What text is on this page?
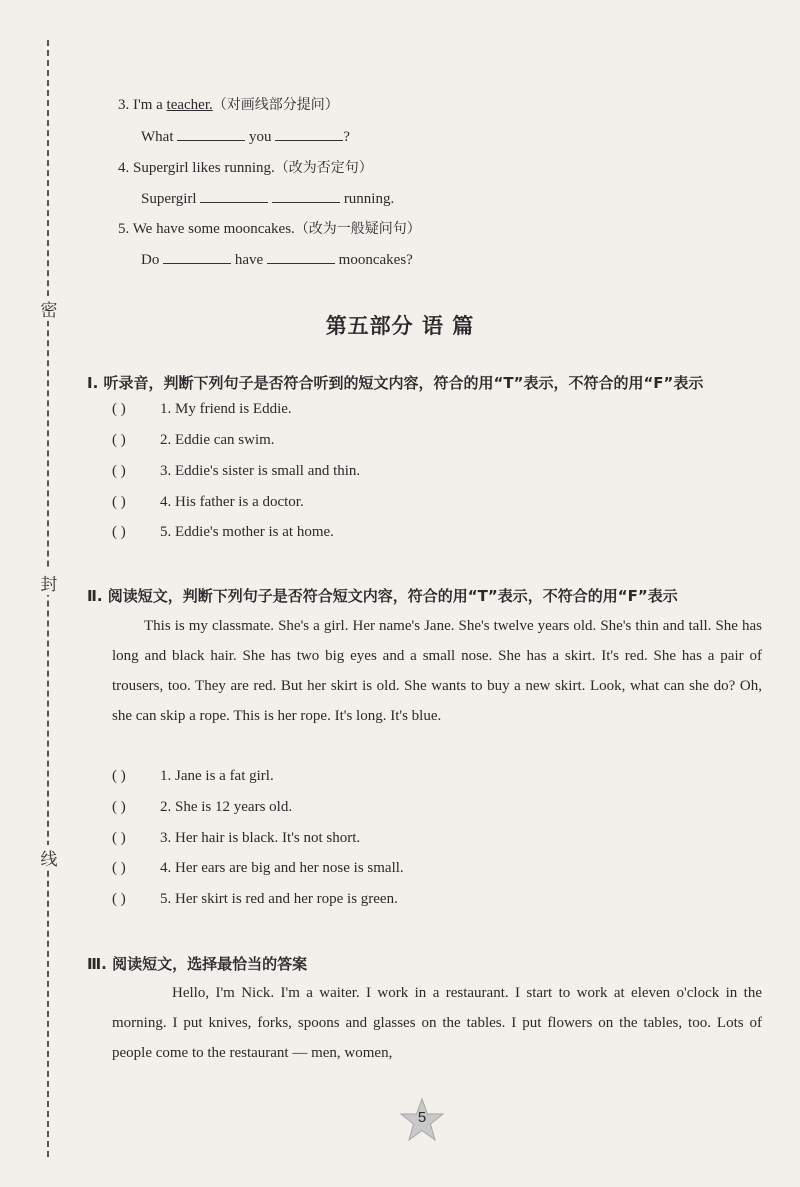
密
封
线
3. I'm a teacher.（对画线部分提问）
What	you	?
4. Supergirl likes running.（改为否定句）
Supergirl	running.
5. We have some mooncakes.（改为一般疑问句）
Do	have	mooncakes?
第五部分 语 篇
Ⅰ. 听录音，判断下列句子是否符合听到的短文内容，符合的用“T”表示，不符合的用“F”表示
( ) 1. My friend is Eddie.
( ) 2. Eddie can swim.
( ) 3. Eddie's sister is small and thin.
( ) 4. His father is a doctor.
( ) 5. Eddie's mother is at home.
Ⅱ. 阅读短文，判断下列句子是否符合短文内容，符合的用“T”表示，不符合的用“F”表示
This is my classmate. She's a girl. Her name's Jane. She's twelve years old. She's thin and tall. She has long and black hair. She has two big eyes and a small nose. She has a skirt. It's red. She has a pair of trousers, too. They are red. But her skirt is old. She wants to buy a new skirt. Look, what can she do? Oh, she can skip a rope. This is her rope. It's long. It's blue.
( ) 1. Jane is a fat girl.
( ) 2. She is 12 years old.
( ) 3. Her hair is black. It's not short.
( ) 4. Her ears are big and her nose is small.
( ) 5. Her skirt is red and her rope is green.
Ⅲ. 阅读短文，选择最恰当的答案
Hello, I'm Nick. I'm a waiter. I work in a restaurant. I start to work at eleven o'clock in the morning. I put knives, forks, spoons and glasses on the tables. I put flowers on the tables, too. Lots of people come to the restaurant — men, women,
5
